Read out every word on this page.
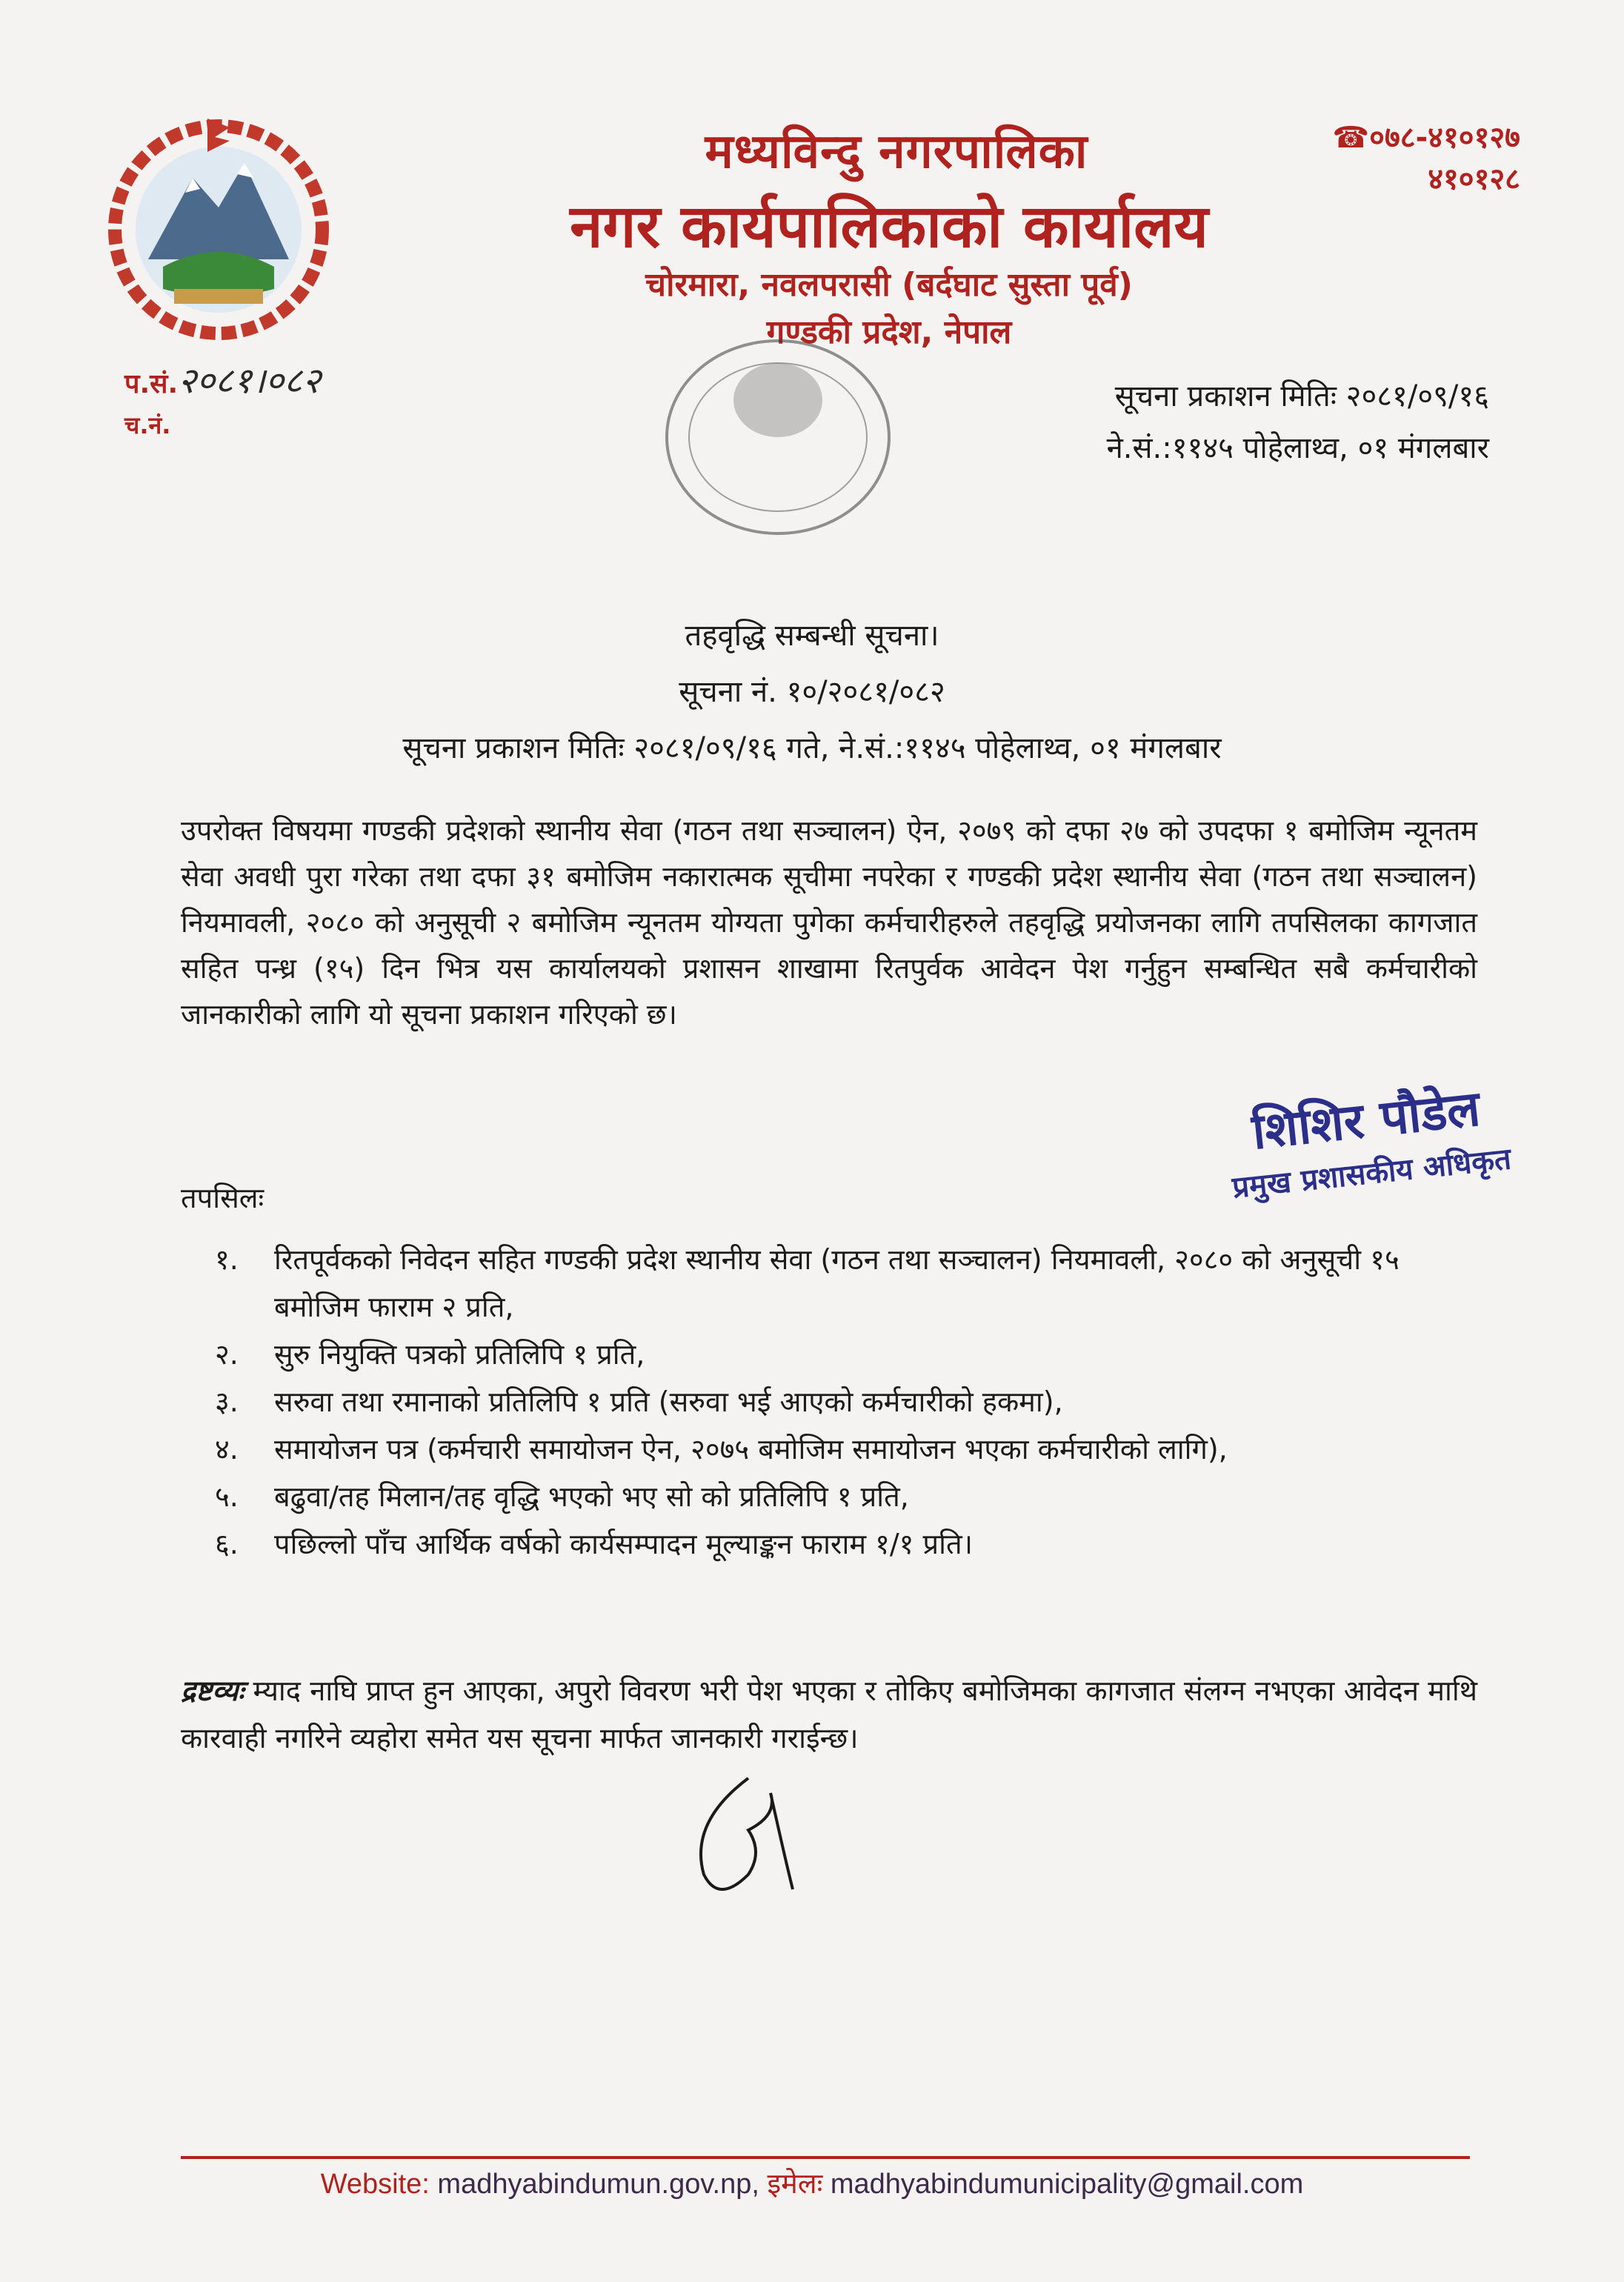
मध्यविन्दु नगरपालिका
नगर कार्यपालिकाको कार्यालय
चोरमारा, नवलपरासी (बर्दघाट सुस्ता पूर्व)
गण्डकी प्रदेश, नेपाल
☎०७८-४१०१२७
४१०१२८
प.सं.२०८१।०८२
च.नं.
सूचना प्रकाशन मितिः २०८१/०९/१६
ने.सं.:११४५ पोहेलाथ्व, ०१ मंगलबार
तहवृद्धि सम्बन्धी सूचना।
सूचना नं. १०/२०८१/०८२
सूचना प्रकाशन मितिः २०८१/०९/१६ गते, ने.सं.:११४५ पोहेलाथ्व, ०१ मंगलबार
उपरोक्त विषयमा गण्डकी प्रदेशको स्थानीय सेवा (गठन तथा सञ्चालन) ऐन, २०७९ को दफा २७ को उपदफा १ बमोजिम न्यूनतम सेवा अवधी पुरा गरेका तथा दफा ३१ बमोजिम नकारात्मक सूचीमा नपरेका र गण्डकी प्रदेश स्थानीय सेवा (गठन तथा सञ्चालन) नियमावली, २०८० को अनुसूची २ बमोजिम न्यूनतम योग्यता पुगेका कर्मचारीहरुले तहवृद्धि प्रयोजनका लागि तपसिलका कागजात सहित पन्ध्र (१५) दिन भित्र यस कार्यालयको प्रशासन शाखामा रितपुर्वक आवेदन पेश गर्नुहुन सम्बन्धित सबै कर्मचारीको जानकारीको लागि यो सूचना प्रकाशन गरिएको छ।
शिशिर पौडेल
प्रमुख प्रशासकीय अधिकृत
तपसिलः
१.	रितपूर्वकको निवेदन सहित गण्डकी प्रदेश स्थानीय सेवा (गठन तथा सञ्चालन) नियमावली, २०८० को अनुसूची १५ बमोजिम फाराम २ प्रति,
२.	सुरु नियुक्ति पत्रको प्रतिलिपि १ प्रति,
३.	सरुवा तथा रमानाको प्रतिलिपि १ प्रति (सरुवा भई आएको कर्मचारीको हकमा),
४.	समायोजन पत्र (कर्मचारी समायोजन ऐन, २०७५ बमोजिम समायोजन भएका कर्मचारीको लागि),
५.	बढुवा/तह मिलान/तह वृद्धि भएको भए सो को प्रतिलिपि १ प्रति,
६.	पछिल्लो पाँच आर्थिक वर्षको कार्यसम्पादन मूल्याङ्कन फाराम १/१ प्रति।
द्रष्टव्यः म्याद नाघि प्राप्त हुन आएका, अपुरो विवरण भरी पेश भएका र तोकिए बमोजिमका कागजात संलग्न नभएका आवेदन माथि कारवाही नगरिने व्यहोरा समेत यस सूचना मार्फत जानकारी गराईन्छ।
Website: madhyabindumun.gov.np, इमेलः madhyabindumunicipality@gmail.com
